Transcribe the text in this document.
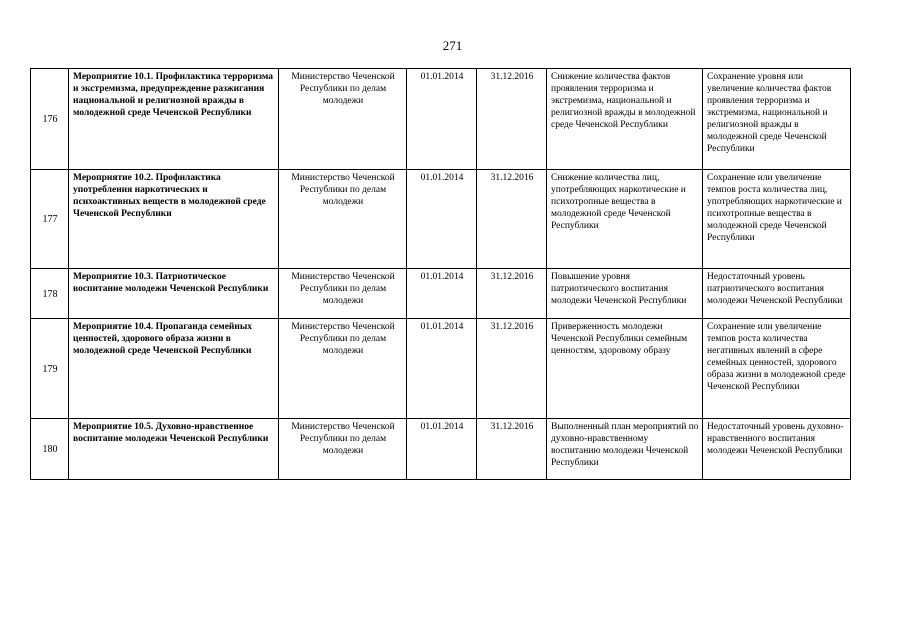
271
176	Мероприятие 10.1. Профилактика терроризма и экстремизма, предупреждение разжигания национальной и религиозной вражды в молодежной среде Чеченской Республики	Министерство Чеченской Республики по делам молодежи	01.01.2014	31.12.2016	Снижение количества фактов проявления терроризма и экстремизма, национальной и религиозной вражды в молодежной среде Чеченской Республики	Сохранение уровня или увеличение количества фактов проявления терроризма и экстремизма, национальной и религиозной вражды в молодежной среде Чеченской Республики
177	Мероприятие 10.2. Профилактика употребления наркотических и психоактивных веществ в молодежной среде Чеченской Республики	Министерство Чеченской Республики по делам молодежи	01.01.2014	31.12.2016	Снижение количества лиц, употребляющих наркотические и психотропные вещества в молодежной среде Чеченской Республики	Сохранение или увеличение темпов роста количества лиц, употребляющих наркотические и психотропные вещества в молодежной среде Чеченской Республики
178	Мероприятие 10.3. Патриотическое воспитание молодежи Чеченской Республики	Министерство Чеченской Республики по делам молодежи	01.01.2014	31.12.2016	Повышение уровня патриотического воспитания молодежи Чеченской Республики	Недостаточный уровень патриотического воспитания молодежи Чеченской Республики
179	Мероприятие 10.4. Пропаганда семейных ценностей, здорового образа жизни в молодежной среде Чеченской Республики	Министерство Чеченской Республики по делам молодежи	01.01.2014	31.12.2016	Приверженность молодежи Чеченской Республики семейным ценностям, здоровому образу	Сохранение или увеличение темпов роста количества негативных явлений в сфере семейных ценностей, здорового образа жизни в молодежной среде Чеченской Республики
180	Мероприятие 10.5. Духовно-нравственное воспитание молодежи Чеченской Республики	Министерство Чеченской Республики по делам молодежи	01.01.2014	31.12.2016	Выполненный план мероприятий по духовно-нравственному воспитанию молодежи Чеченской Республики	Недостаточный уровень духовно-нравственного воспитания молодежи Чеченской Республики
